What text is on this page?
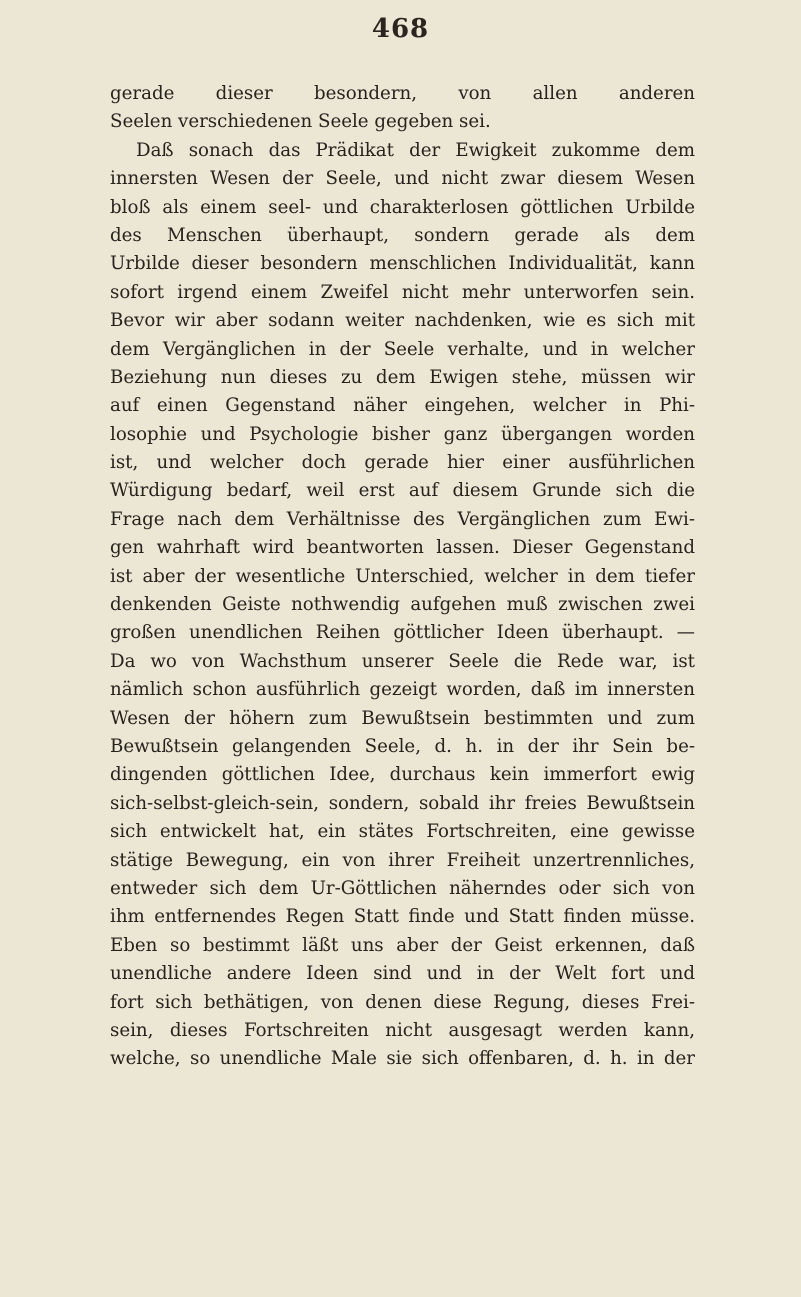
468
gerade dieser besondern, von allen anderen
Seelen verschiedenen Seele gegeben sei.
Daß sonach das Prädikat der Ewigkeit zukomme dem
innersten Wesen der Seele, und nicht zwar diesem Wesen
bloß als einem seel- und charakterlosen göttlichen Urbilde
des Menschen überhaupt, sondern gerade als dem
Urbilde dieser besondern menschlichen Individualität, kann
sofort irgend einem Zweifel nicht mehr unterworfen sein.
Bevor wir aber sodann weiter nachdenken, wie es sich mit
dem Vergänglichen in der Seele verhalte, und in welcher
Beziehung nun dieses zu dem Ewigen stehe, müssen wir
auf einen Gegenstand näher eingehen, welcher in Phi-
losophie und Psychologie bisher ganz übergangen worden
ist, und welcher doch gerade hier einer ausführlichen
Würdigung bedarf, weil erst auf diesem Grunde sich die
Frage nach dem Verhältnisse des Vergänglichen zum Ewi-
gen wahrhaft wird beantworten lassen. Dieser Gegenstand
ist aber der wesentliche Unterschied, welcher in dem tiefer
denkenden Geiste nothwendig aufgehen muß zwischen zwei
großen unendlichen Reihen göttlicher Ideen überhaupt. —
Da wo von Wachsthum unserer Seele die Rede war, ist
nämlich schon ausführlich gezeigt worden, daß im innersten
Wesen der höhern zum Bewußtsein bestimmten und zum
Bewußtsein gelangenden Seele, d. h. in der ihr Sein be-
dingenden göttlichen Idee, durchaus kein immerfort ewig
sich-selbst-gleich-sein, sondern, sobald ihr freies Bewußtsein
sich entwickelt hat, ein stätes Fortschreiten, eine gewisse
stätige Bewegung, ein von ihrer Freiheit unzertrennliches,
entweder sich dem Ur-Göttlichen näherndes oder sich von
ihm entfernendes Regen Statt finde und Statt finden müsse.
Eben so bestimmt läßt uns aber der Geist erkennen, daß
unendliche andere Ideen sind und in der Welt fort und
fort sich bethätigen, von denen diese Regung, dieses Frei-
sein, dieses Fortschreiten nicht ausgesagt werden kann,
welche, so unendliche Male sie sich offenbaren, d. h. in der
